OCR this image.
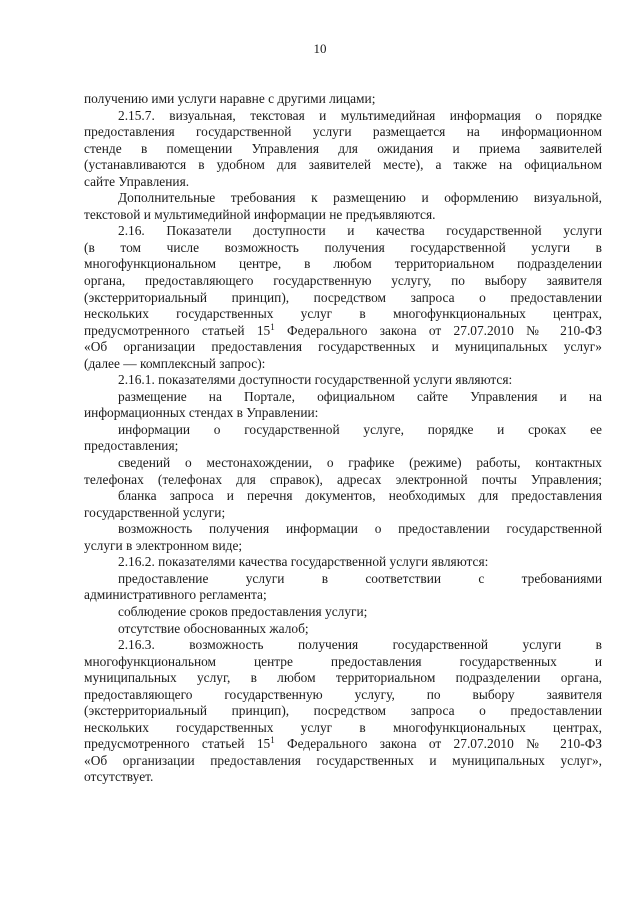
10
получению ими услуги наравне с другими лицами;
2.15.7. визуальная, текстовая и мультимедийная информация о порядке
предоставления государственной услуги размещается на информационном
стенде в помещении Управления для ожидания и приема заявителей
(устанавливаются в удобном для заявителей месте), а также на официальном
сайте Управления.
Дополнительные требования к размещению и оформлению визуальной,
текстовой и мультимедийной информации не предъявляются.
2.16. Показатели доступности и качества государственной услуги
(в том числе возможность получения государственной услуги в
многофункциональном центре, в любом территориальном подразделении
органа, предоставляющего государственную услугу, по выбору заявителя
(экстерриториальный принцип), посредством запроса о предоставлении
нескольких государственных услуг в многофункциональных центрах,
предусмотренного статьей $15^1$ Федерального закона от 27.07.2010 № 210-ФЗ
«Об организации предоставления государственных и муниципальных услуг»
(далее — комплексный запрос):
2.16.1. показателями доступности государственной услуги являются:
размещение на Портале, официальном сайте Управления и на
информационных стендах в Управлении:
информации о государственной услуге, порядке и сроках ее
предоставления;
сведений о местонахождении, о графике (режиме) работы, контактных
телефонах (телефонах для справок), адресах электронной почты Управления;
бланка запроса и перечня документов, необходимых для предоставления
государственной услуги;
возможность получения информации о предоставлении государственной
услуги в электронном виде;
2.16.2. показателями качества государственной услуги являются:
предоставление услуги в соответствии с требованиями
административного регламента;
соблюдение сроков предоставления услуги;
отсутствие обоснованных жалоб;
2.16.3. возможность получения государственной услуги в
многофункциональном центре предоставления государственных и
муниципальных услуг, в любом территориальном подразделении органа,
предоставляющего государственную услугу, по выбору заявителя
(экстерриториальный принцип), посредством запроса о предоставлении
нескольких государственных услуг в многофункциональных центрах,
предусмотренного статьей $15^1$ Федерального закона от 27.07.2010 № 210-ФЗ
«Об организации предоставления государственных и муниципальных услуг»,
отсутствует.
